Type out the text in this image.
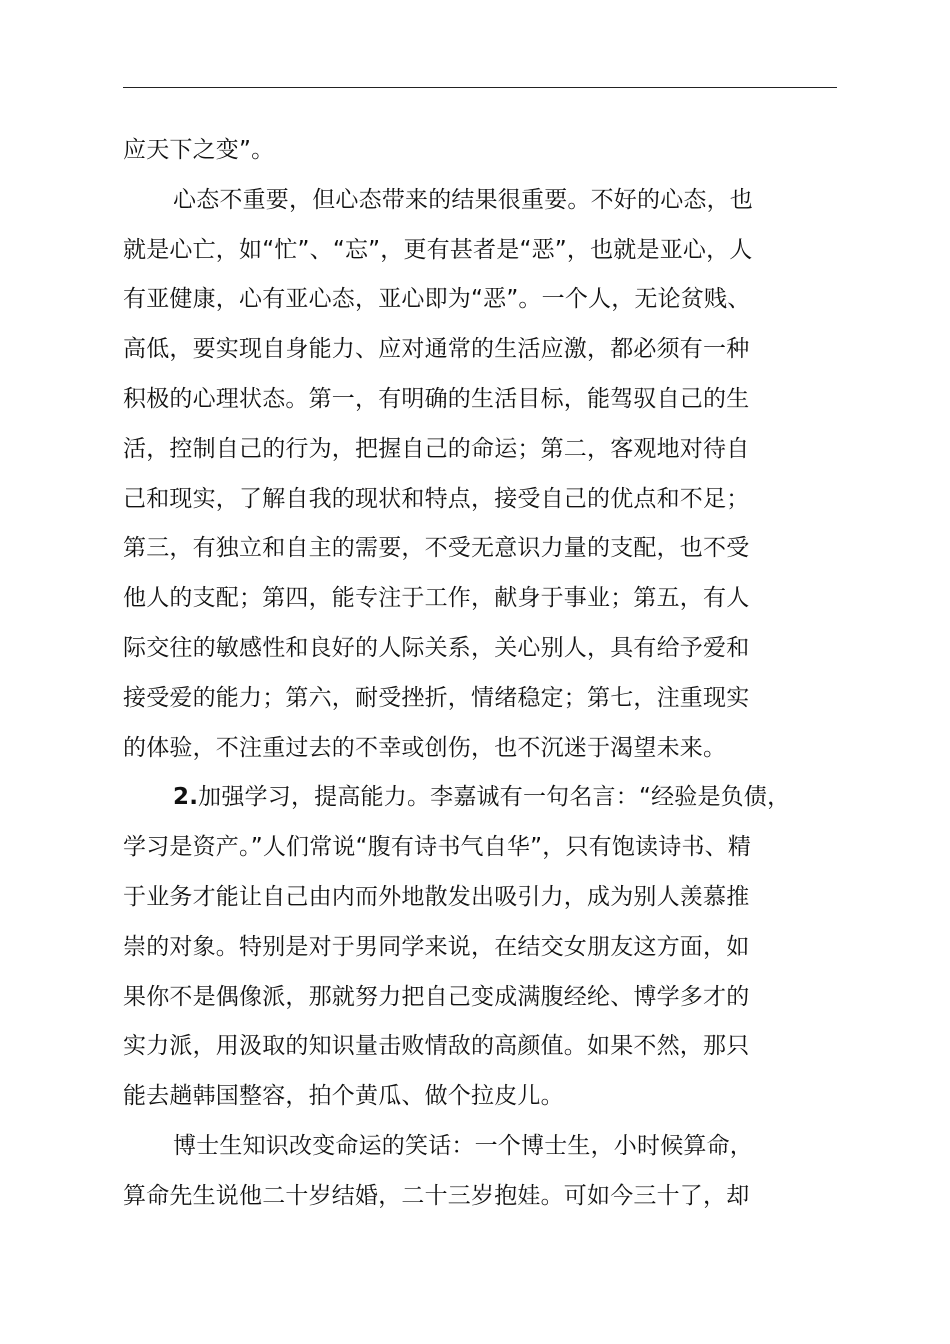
应天下之变”。
心态不重要，但心态带来的结果很重要。不好的心态，也
就是心亡，如“忙”、“忘”，更有甚者是“恶”，也就是亚心，人
有亚健康，心有亚心态，亚心即为“恶”。一个人，无论贫贱、
高低，要实现自身能力、应对通常的生活应激，都必须有一种
积极的心理状态。第一，有明确的生活目标，能驾驭自己的生
活，控制自己的行为，把握自己的命运；第二，客观地对待自
己和现实，了解自我的现状和特点，接受自己的优点和不足；
第三，有独立和自主的需要，不受无意识力量的支配，也不受
他人的支配；第四，能专注于工作，献身于事业；第五，有人
际交往的敏感性和良好的人际关系，关心别人，具有给予爱和
接受爱的能力；第六，耐受挫折，情绪稳定；第七，注重现实
的体验，不注重过去的不幸或创伤，也不沉迷于渴望未来。
2.加强学习，提高能力。李嘉诚有一句名言：“经验是负债，
学习是资产。”人们常说“腹有诗书气自华”，只有饱读诗书、精
于业务才能让自己由内而外地散发出吸引力，成为别人羡慕推
崇的对象。特别是对于男同学来说，在结交女朋友这方面，如
果你不是偶像派，那就努力把自己变成满腹经纶、博学多才的
实力派，用汲取的知识量击败情敌的高颜值。如果不然，那只
能去趟韩国整容，拍个黄瓜、做个拉皮儿。
博士生知识改变命运的笑话：一个博士生，小时候算命，
算命先生说他二十岁结婚，二十三岁抱娃。可如今三十了，却
